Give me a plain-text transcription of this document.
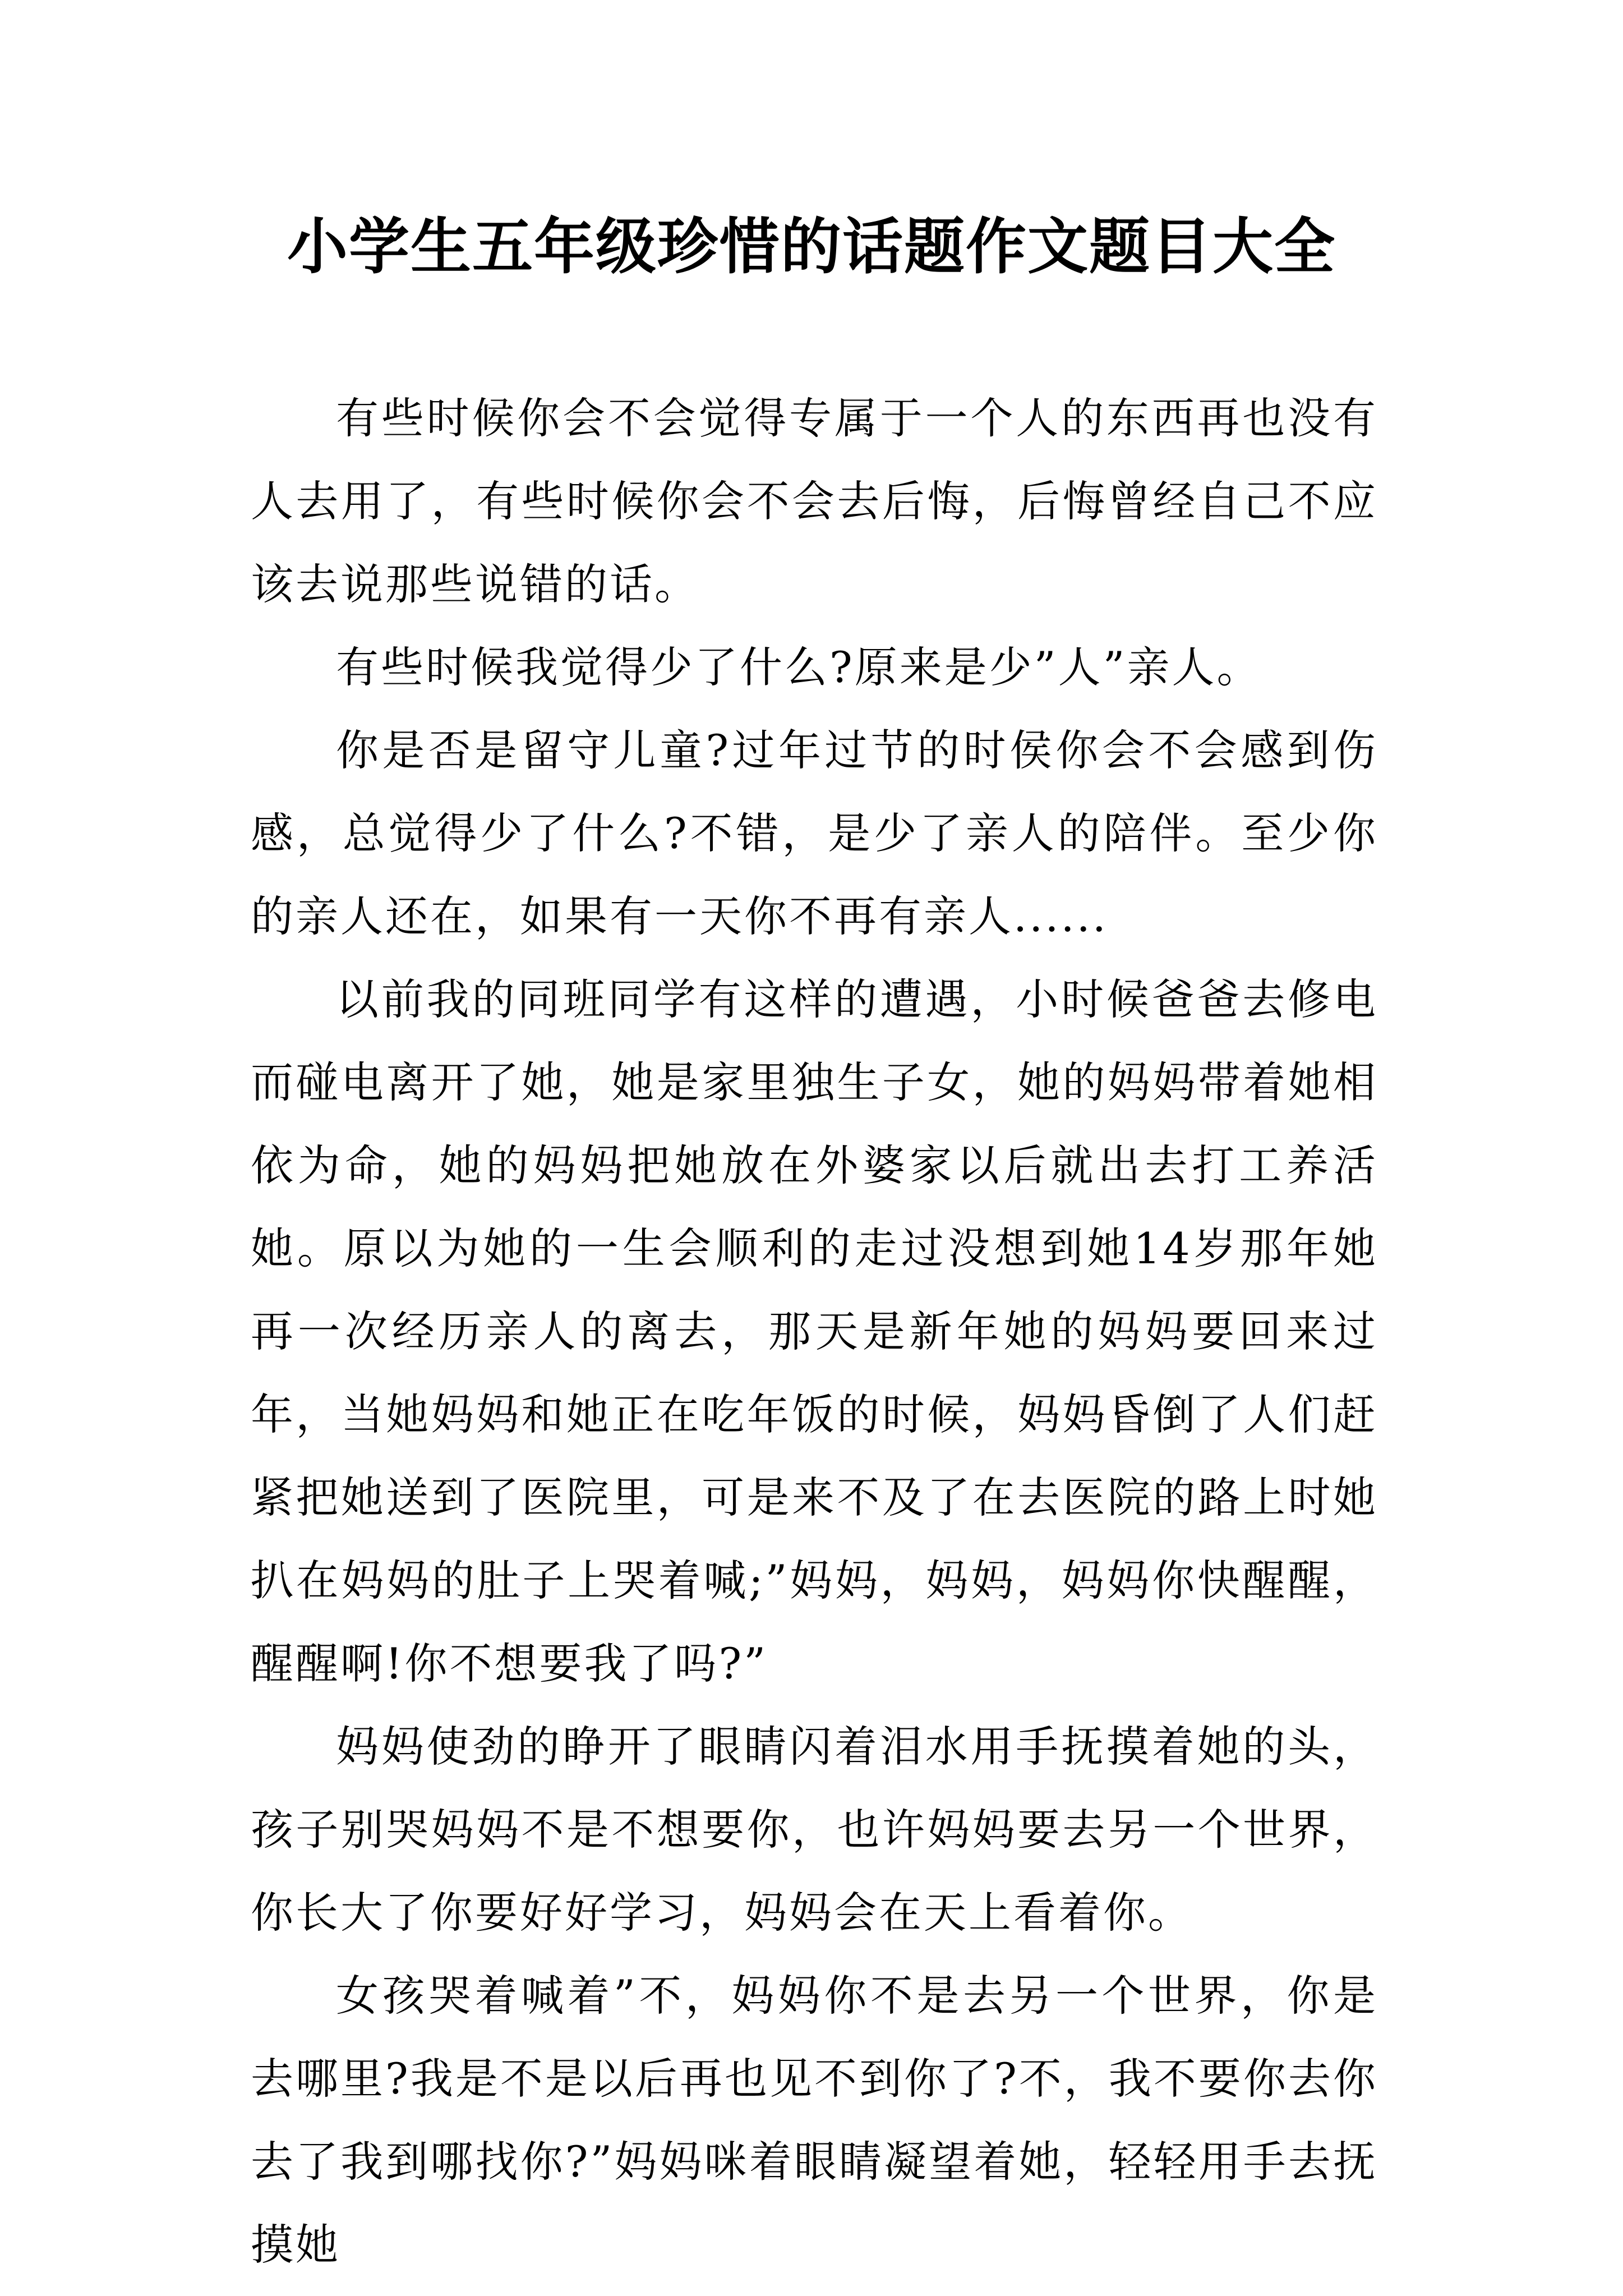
小学生五年级珍惜的话题作文题目大全

有些时候你会不会觉得专属于一个人的东西再也没有人去用了，有些时候你会不会去后悔，后悔曾经自己不应该去说那些说错的话。

有些时候我觉得少了什么?原来是少”人”亲人。

你是否是留守儿童?过年过节的时侯你会不会感到伤感，总觉得少了什么?不错，是少了亲人的陪伴。至少你的亲人还在，如果有一天你不再有亲人......

以前我的同班同学有这样的遭遇，小时候爸爸去修电而碰电离开了她，她是家里独生子女，她的妈妈带着她相依为命，她的妈妈把她放在外婆家以后就出去打工养活她。原以为她的一生会顺利的走过没想到她14岁那年她再一次经历亲人的离去，那天是新年她的妈妈要回来过年，当她妈妈和她正在吃年饭的时候，妈妈昏倒了人们赶紧把她送到了医院里，可是来不及了在去医院的路上时她扒在妈妈的肚子上哭着喊;”妈妈，妈妈，妈妈你快醒醒，醒醒啊!你不想要我了吗?”

妈妈使劲的睁开了眼睛闪着泪水用手抚摸着她的头，孩子别哭妈妈不是不想要你，也许妈妈要去另一个世界，你长大了你要好好学习，妈妈会在天上看着你。

女孩哭着喊着”不，妈妈你不是去另一个世界，你是去哪里?我是不是以后再也见不到你了?不，我不要你去你去了我到哪找你?”妈妈咪着眼睛凝望着她，轻轻用手去抚摸她
